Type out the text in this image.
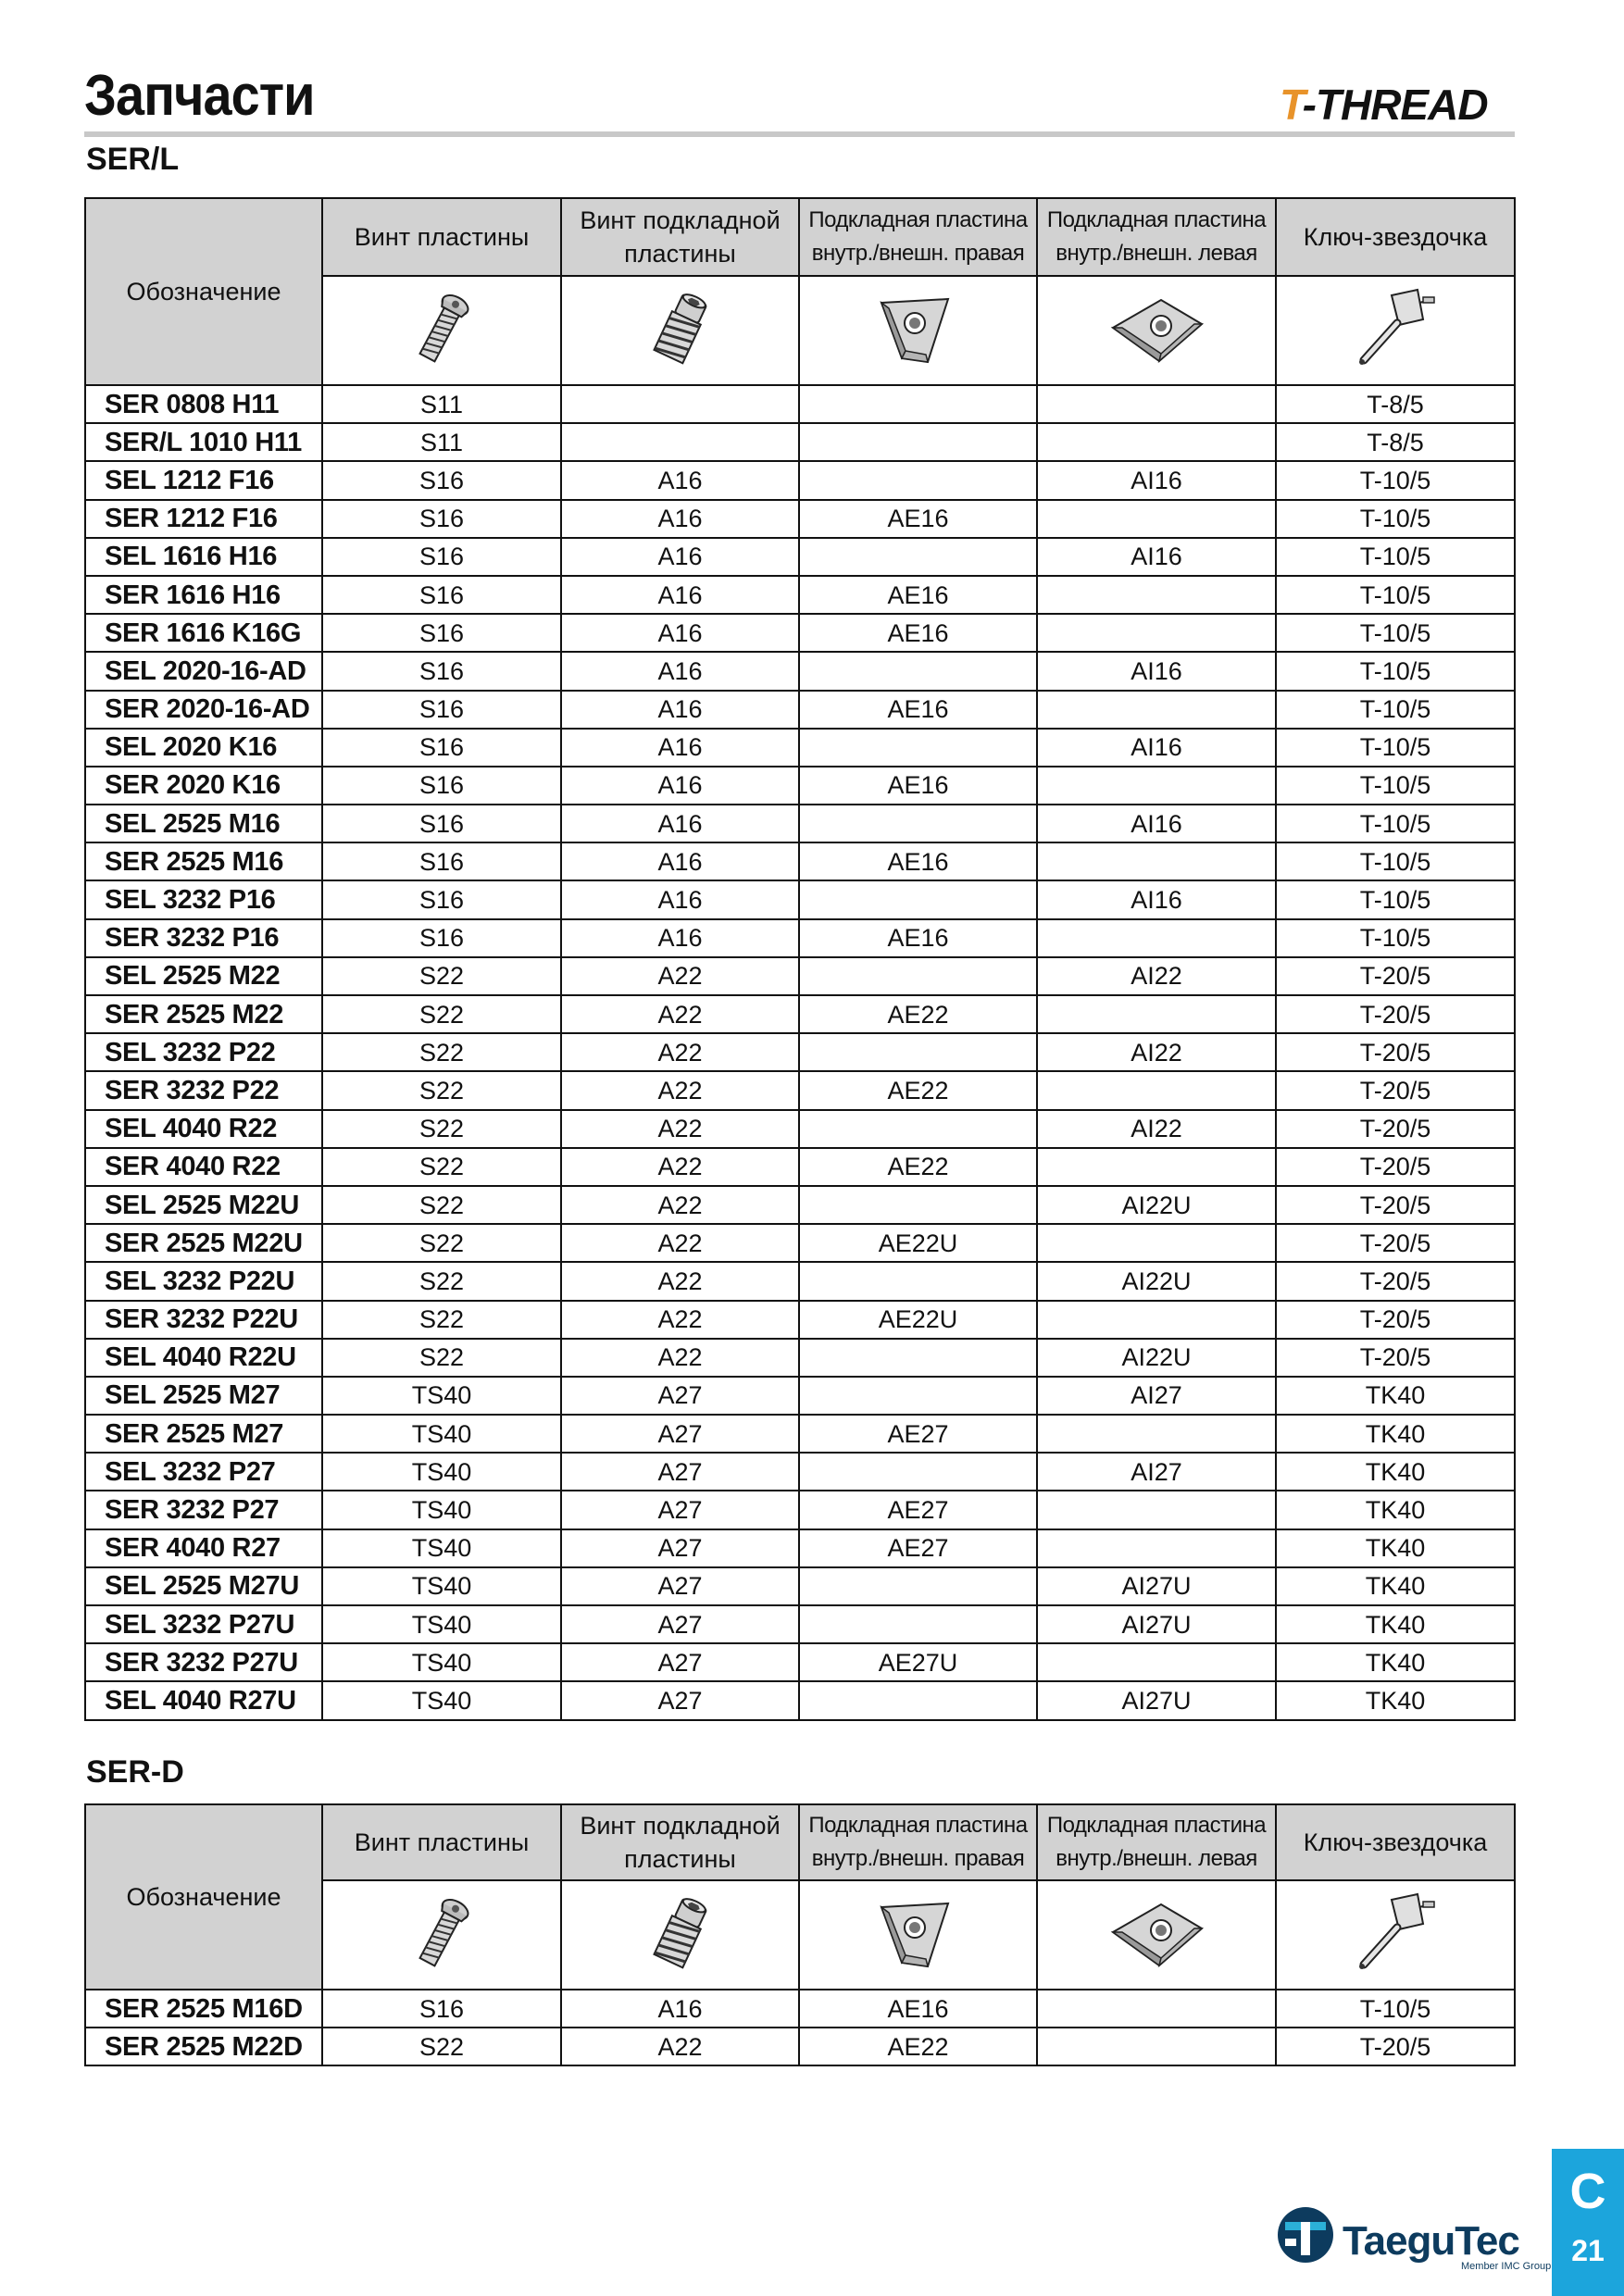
Запчасти	T-THREAD
SER/L
Обозначение	Винт пластины	Винт подкладной пластины	Подкладная пластина внутр./внешн. правая	Подкладная пластина внутр./внешн. левая	Ключ-звездочка

SER 0808 H11	S11				T-8/5
SER/L 1010 H11	S11				T-8/5
SEL 1212 F16	S16	A16		AI16	T-10/5
SER 1212 F16	S16	A16	AE16		T-10/5
SEL 1616 H16	S16	A16		AI16	T-10/5
SER 1616 H16	S16	A16	AE16		T-10/5
SER 1616 K16G	S16	A16	AE16		T-10/5
SEL 2020-16-AD	S16	A16		AI16	T-10/5
SER 2020-16-AD	S16	A16	AE16		T-10/5
SEL 2020 K16	S16	A16		AI16	T-10/5
SER 2020 K16	S16	A16	AE16		T-10/5
SEL 2525 M16	S16	A16		AI16	T-10/5
SER 2525 M16	S16	A16	AE16		T-10/5
SEL 3232 P16	S16	A16		AI16	T-10/5
SER 3232 P16	S16	A16	AE16		T-10/5
SEL 2525 M22	S22	A22		AI22	T-20/5
SER 2525 M22	S22	A22	AE22		T-20/5
SEL 3232 P22	S22	A22		AI22	T-20/5
SER 3232 P22	S22	A22	AE22		T-20/5
SEL 4040 R22	S22	A22		AI22	T-20/5
SER 4040 R22	S22	A22	AE22		T-20/5
SEL 2525 M22U	S22	A22		AI22U	T-20/5
SER 2525 M22U	S22	A22	AE22U		T-20/5
SEL 3232 P22U	S22	A22		AI22U	T-20/5
SER 3232 P22U	S22	A22	AE22U		T-20/5
SEL 4040 R22U	S22	A22		AI22U	T-20/5
SEL 2525 M27	TS40	A27		AI27	TK40
SER 2525 M27	TS40	A27	AE27		TK40
SEL 3232 P27	TS40	A27		AI27	TK40
SER 3232 P27	TS40	A27	AE27		TK40
SER 4040 R27	TS40	A27	AE27		TK40
SEL 2525 M27U	TS40	A27		AI27U	TK40
SEL 3232 P27U	TS40	A27		AI27U	TK40
SER 3232 P27U	TS40	A27	AE27U		TK40
SEL 4040 R27U	TS40	A27		AI27U	TK40
SER-D
Обозначение	Винт пластины	Винт подкладной пластины	Подкладная пластина внутр./внешн. правая	Подкладная пластина внутр./внешн. левая	Ключ-звездочка

SER 2525 M16D	S16	A16	AE16		T-10/5
SER 2525 M22D	S22	A22	AE22		T-20/5
C
21
TaeguTec
Member IMC Group
